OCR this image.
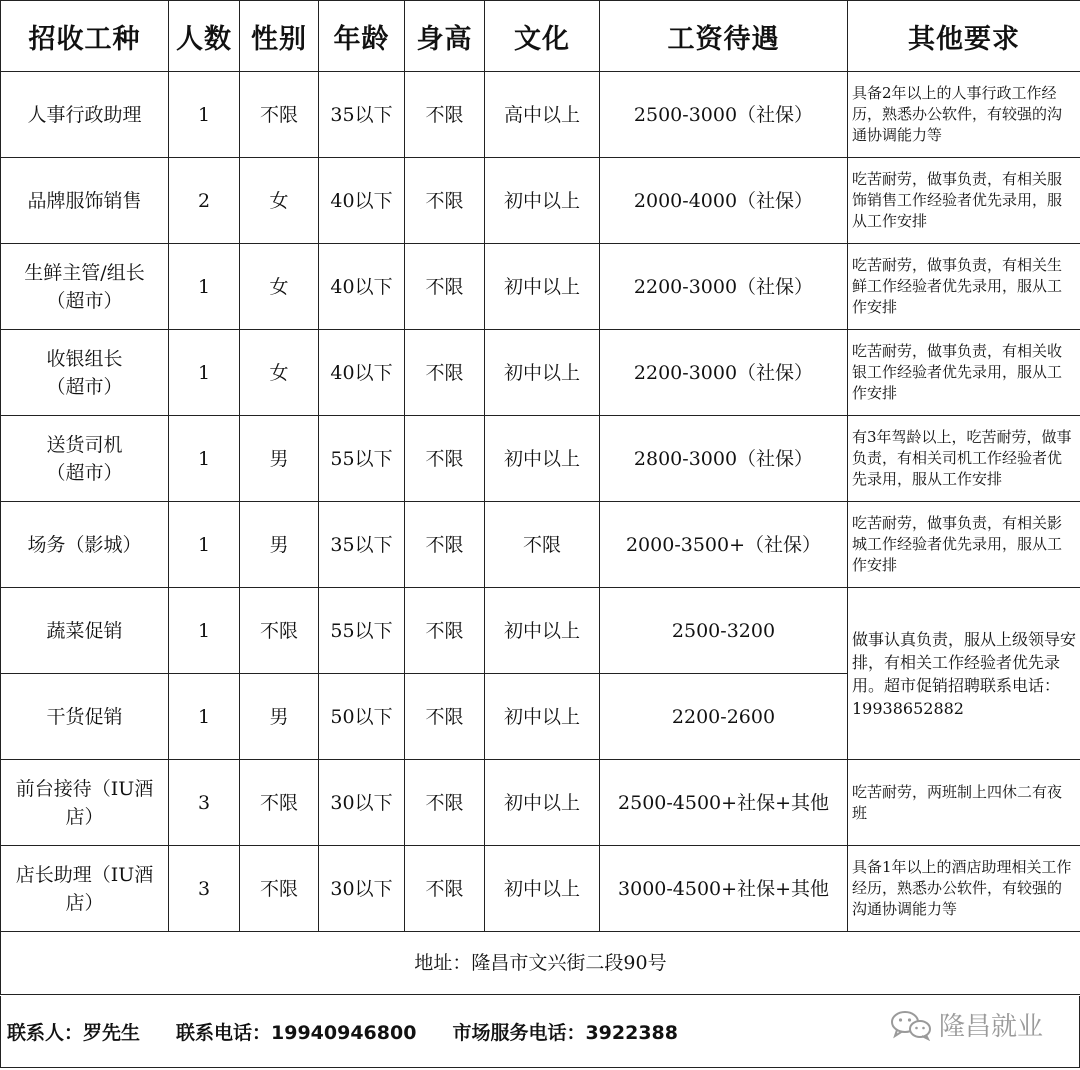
招收工种	人数	性别	年龄	身高	文化	工资待遇	其他要求
人事行政助理	1	不限	35以下	不限	高中以上	2500-3000（社保）	具备2年以上的人事行政工作经历，熟悉办公软件，有较强的沟通协调能力等
品牌服饰销售	2	女	40以下	不限	初中以上	2000-4000（社保）	吃苦耐劳，做事负责，有相关服饰销售工作经验者优先录用，服从工作安排
生鲜主管/组长（超市）	1	女	40以下	不限	初中以上	2200-3000（社保）	吃苦耐劳，做事负责，有相关生鲜工作经验者优先录用，服从工作安排
收银组长（超市）	1	女	40以下	不限	初中以上	2200-3000（社保）	吃苦耐劳，做事负责，有相关收银工作经验者优先录用，服从工作安排
送货司机（超市）	1	男	55以下	不限	初中以上	2800-3000（社保）	有3年驾龄以上，吃苦耐劳，做事负责，有相关司机工作经验者优先录用，服从工作安排
场务（影城）	1	男	35以下	不限	不限	2000-3500+（社保）	吃苦耐劳，做事负责，有相关影城工作经验者优先录用，服从工作安排
蔬菜促销	1	不限	55以下	不限	初中以上	2500-3200	做事认真负责，服从上级领导安排，有相关工作经验者优先录用。超市促销招聘联系电话：19938652882
干货促销	1	男	50以下	不限	初中以上	2200-2600	
前台接待（IU酒店）	3	不限	30以下	不限	初中以上	2500-4500+社保+其他	吃苦耐劳，两班制上四休二有夜班
店长助理（IU酒店）	3	不限	30以下	不限	初中以上	3000-4500+社保+其他	具备1年以上的酒店助理相关工作经历，熟悉办公软件，有较强的沟通协调能力等
地址：隆昌市文兴街二段90号							
联系人：罗先生 联系电话：19940946800 市场服务电话：3922388	隆昌就业
